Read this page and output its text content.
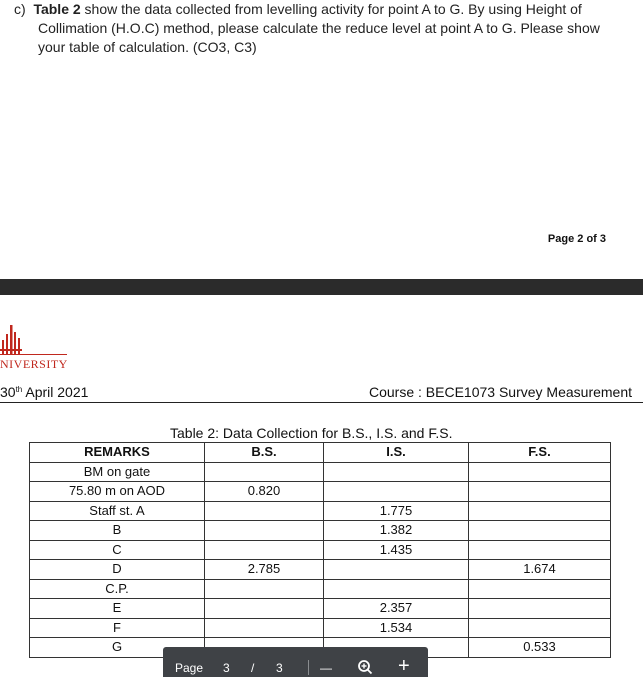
c) Table 2 show the data collected from levelling activity for point A to G. By using Height of Collimation (H.O.C) method, please calculate the reduce level at point A to G. Please show your table of calculation. (CO3, C3)
Page 2 of 3
NIVERSITY
30th April 2021	Course : BECE1073 Survey Measurement
Table 2: Data Collection for B.S., I.S. and F.S.
REMARKS	B.S.	I.S.	F.S.
BM on gate			
75.80 m on AOD	0.820		
Staff st. A		1.775	
B		1.382	
C		1.435	
D	2.785		1.674
C.P.			
E		2.357	
F		1.534	
G			0.533
Page 3 / 3	—	+
